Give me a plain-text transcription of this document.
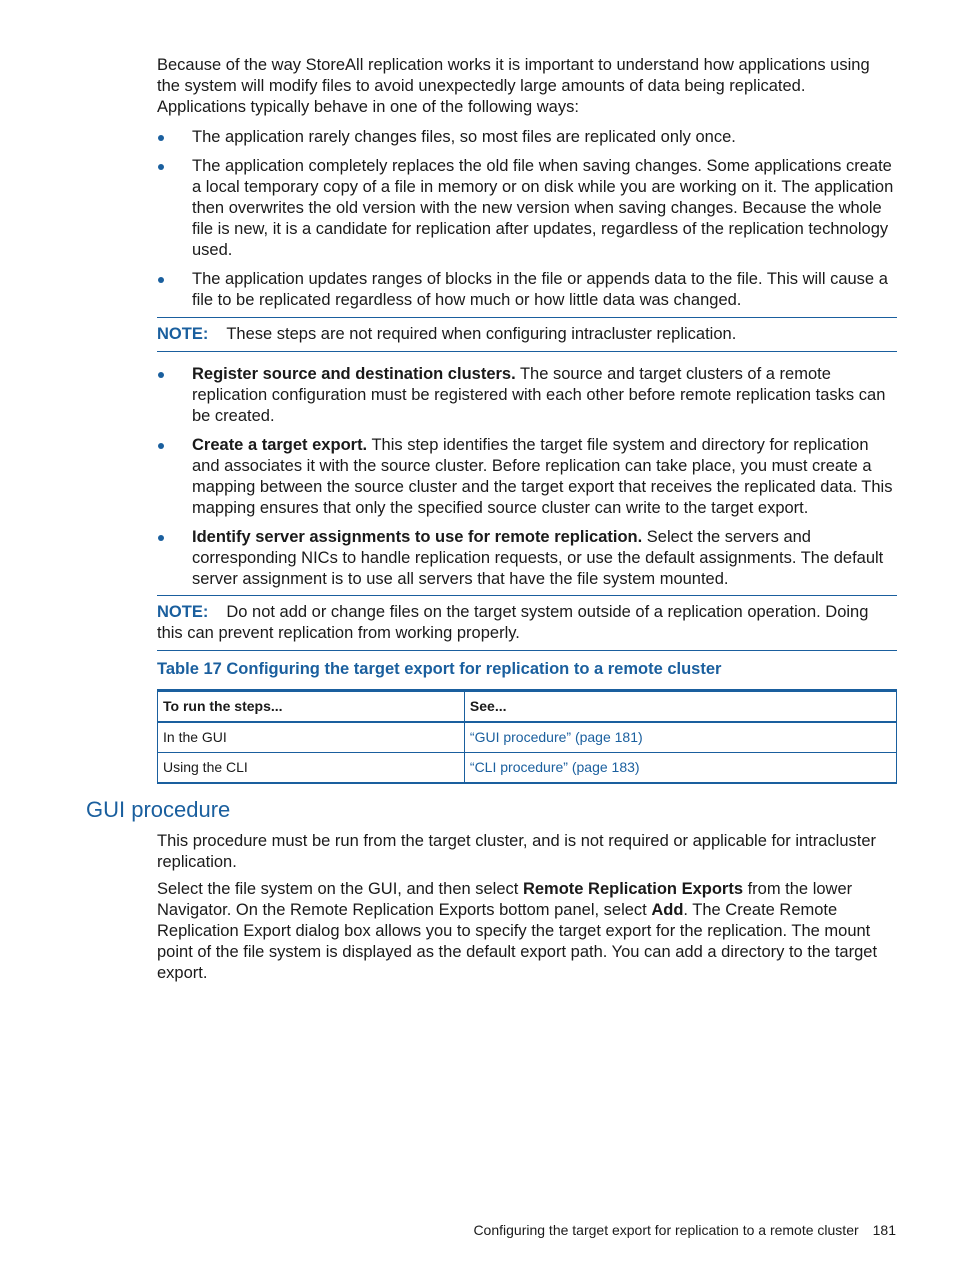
Because of the way StoreAll replication works it is important to understand how applications using the system will modify files to avoid unexpectedly large amounts of data being replicated. Applications typically behave in one of the following ways:

The application rarely changes files, so most files are replicated only once.
The application completely replaces the old file when saving changes. Some applications create a local temporary copy of a file in memory or on disk while you are working on it. The application then overwrites the old version with the new version when saving changes. Because the whole file is new, it is a candidate for replication after updates, regardless of the replication technology used.
The application updates ranges of blocks in the file or appends data to the file. This will cause a file to be replicated regardless of how much or how little data was changed.
NOTE: These steps are not required when configuring intracluster replication.
Register source and destination clusters. The source and target clusters of a remote replication configuration must be registered with each other before remote replication tasks can be created.
Create a target export. This step identifies the target file system and directory for replication and associates it with the source cluster. Before replication can take place, you must create a mapping between the source cluster and the target export that receives the replicated data. This mapping ensures that only the specified source cluster can write to the target export.
Identify server assignments to use for remote replication. Select the servers and corresponding NICs to handle replication requests, or use the default assignments. The default server assignment is to use all servers that have the file system mounted.
NOTE: Do not add or change files on the target system outside of a replication operation. Doing this can prevent replication from working properly.
Table 17 Configuring the target export for replication to a remote cluster
To run the steps...	See...
In the GUI	“GUI procedure” (page 181)
Using the CLI	“CLI procedure” (page 183)
GUI procedure

This procedure must be run from the target cluster, and is not required or applicable for intracluster replication.

Select the file system on the GUI, and then select Remote Replication Exports from the lower Navigator. On the Remote Replication Exports bottom panel, select Add. The Create Remote Replication Export dialog box allows you to specify the target export for the replication. The mount point of the file system is displayed as the default export path. You can add a directory to the target export.

Configuring the target export for replication to a remote cluster 181
